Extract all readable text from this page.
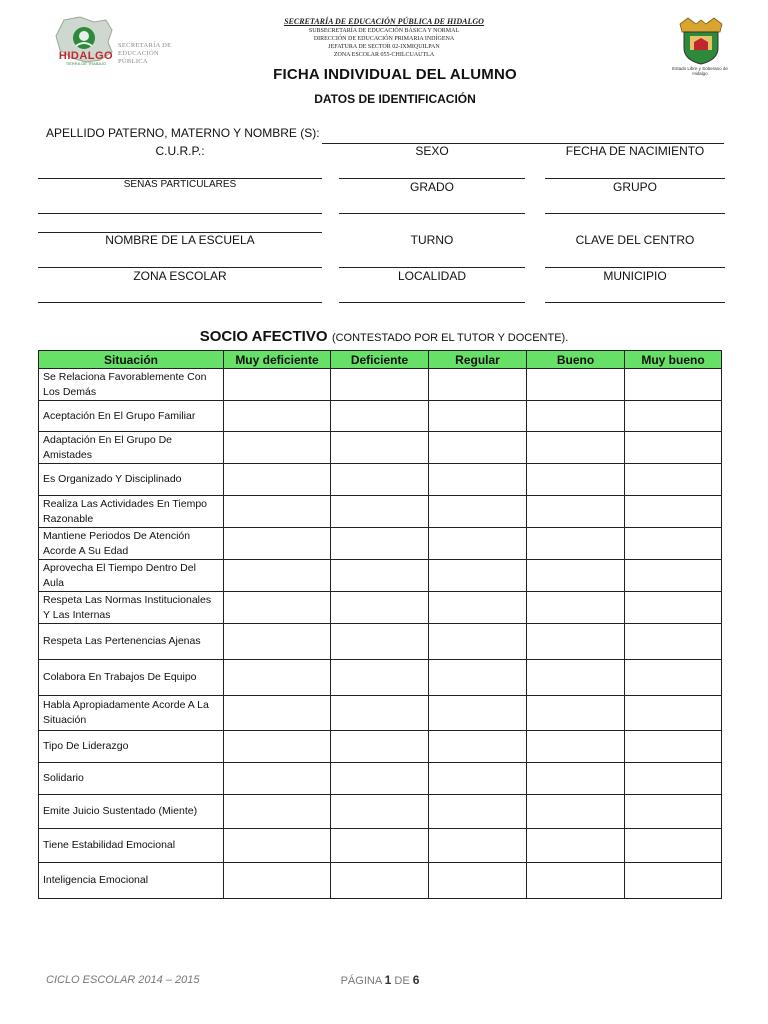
HIDALGO
TIERRA DE TRABAJO
SECRETARÍA DE
EDUCACIÓN
PÚBLICA
SECRETARÍA DE EDUCACIÓN PÚBLICA DE HIDALGO
SUBSECRETARÍA DE EDUCACIÓN BÁSICA Y NORMAL
DIRECCIÓN DE EDUCACIÓN PRIMARIA INDÍGENA
JEFATURA DE SECTOR 02-IXMIQUILPAN
ZONA ESCOLAR 055-CHILCUAUTLA
Estado Libre y Soberano de Hidalgo
FICHA INDIVIDUAL DEL ALUMNO
DATOS DE IDENTIFICACIÓN
APELLIDO PATERNO, MATERNO Y NOMBRE (S):
C.U.R.P.:	SEXO	FECHA DE NACIMIENTO
SEÑAS PARTICULARES	GRADO	GRUPO
NOMBRE DE LA ESCUELA	TURNO	CLAVE DEL CENTRO
ZONA ESCOLAR	LOCALIDAD	MUNICIPIO
SOCIO AFECTIVO (CONTESTADO POR EL TUTOR Y DOCENTE).
Situación	Muy deficiente	Deficiente	Regular	Bueno	Muy bueno
Se Relaciona Favorablemente Con Los Demás					
Aceptación En El Grupo Familiar					
Adaptación En El Grupo De Amistades					
Es Organizado Y Disciplinado					
Realiza Las Actividades En Tiempo Razonable					
Mantiene Periodos De Atención Acorde A Su Edad					
Aprovecha El Tiempo Dentro Del Aula					
Respeta Las Normas Institucionales Y Las Internas					
Respeta Las Pertenencias Ajenas					
Colabora En Trabajos De Equipo					
Habla Apropiadamente Acorde A La Situación					
Tipo De Liderazgo					
Solidario					
Emite Juicio Sustentado (Miente)					
Tiene Estabilidad Emocional					
Inteligencia Emocional					
CICLO ESCOLAR 2014 – 2015	PÁGINA 1 DE 6
